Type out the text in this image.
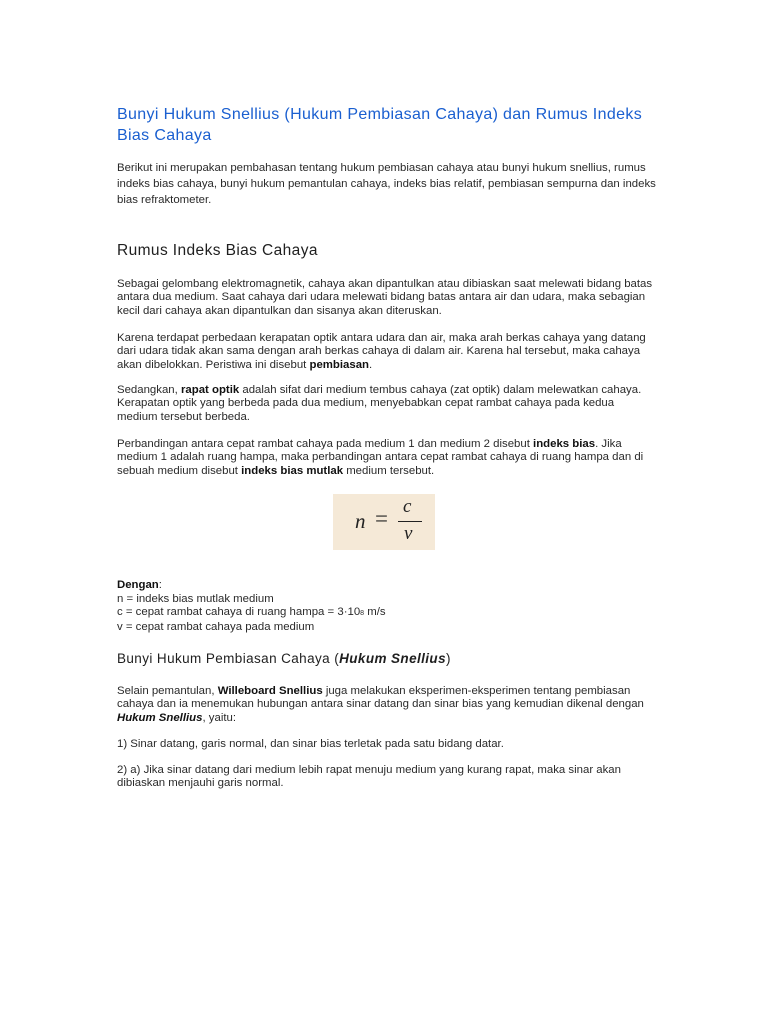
Bunyi Hukum Snellius (Hukum Pembiasan Cahaya) dan Rumus Indeks Bias Cahaya

Berikut ini merupakan pembahasan tentang hukum pembiasan cahaya atau bunyi hukum snellius, rumus indeks bias cahaya, bunyi hukum pemantulan cahaya, indeks bias relatif, pembiasan sempurna dan indeks bias refraktometer.

Rumus Indeks Bias Cahaya

Sebagai gelombang elektromagnetik, cahaya akan dipantulkan atau dibiaskan saat melewati bidang batas antara dua medium. Saat cahaya dari udara melewati bidang batas antara air dan udara, maka sebagian kecil dari cahaya akan dipantulkan dan sisanya akan diteruskan.

Karena terdapat perbedaan kerapatan optik antara udara dan air, maka arah berkas cahaya yang datang dari udara tidak akan sama dengan arah berkas cahaya di dalam air. Karena hal tersebut, maka cahaya akan dibelokkan. Peristiwa ini disebut pembiasan.

Sedangkan, rapat optik adalah sifat dari medium tembus cahaya (zat optik) dalam melewatkan cahaya. Kerapatan optik yang berbeda pada dua medium, menyebabkan cepat rambat cahaya pada kedua medium tersebut berbeda.

Perbandingan antara cepat rambat cahaya pada medium 1 dan medium 2 disebut indeks bias. Jika medium 1 adalah ruang hampa, maka perbandingan antara cepat rambat cahaya di ruang hampa dan di sebuah medium disebut indeks bias mutlak medium tersebut.

n = c
v

Dengan:
n = indeks bias mutlak medium
c = cepat rambat cahaya di ruang hampa = 3·108 m/s
v = cepat rambat cahaya pada medium

Bunyi Hukum Pembiasan Cahaya (Hukum Snellius)

Selain pemantulan, Willeboard Snellius juga melakukan eksperimen-eksperimen tentang pembiasan cahaya dan ia menemukan hubungan antara sinar datang dan sinar bias yang kemudian dikenal dengan Hukum Snellius, yaitu:

1) Sinar datang, garis normal, dan sinar bias terletak pada satu bidang datar.

2) a) Jika sinar datang dari medium lebih rapat menuju medium yang kurang rapat, maka sinar akan dibiaskan menjauhi garis normal.
